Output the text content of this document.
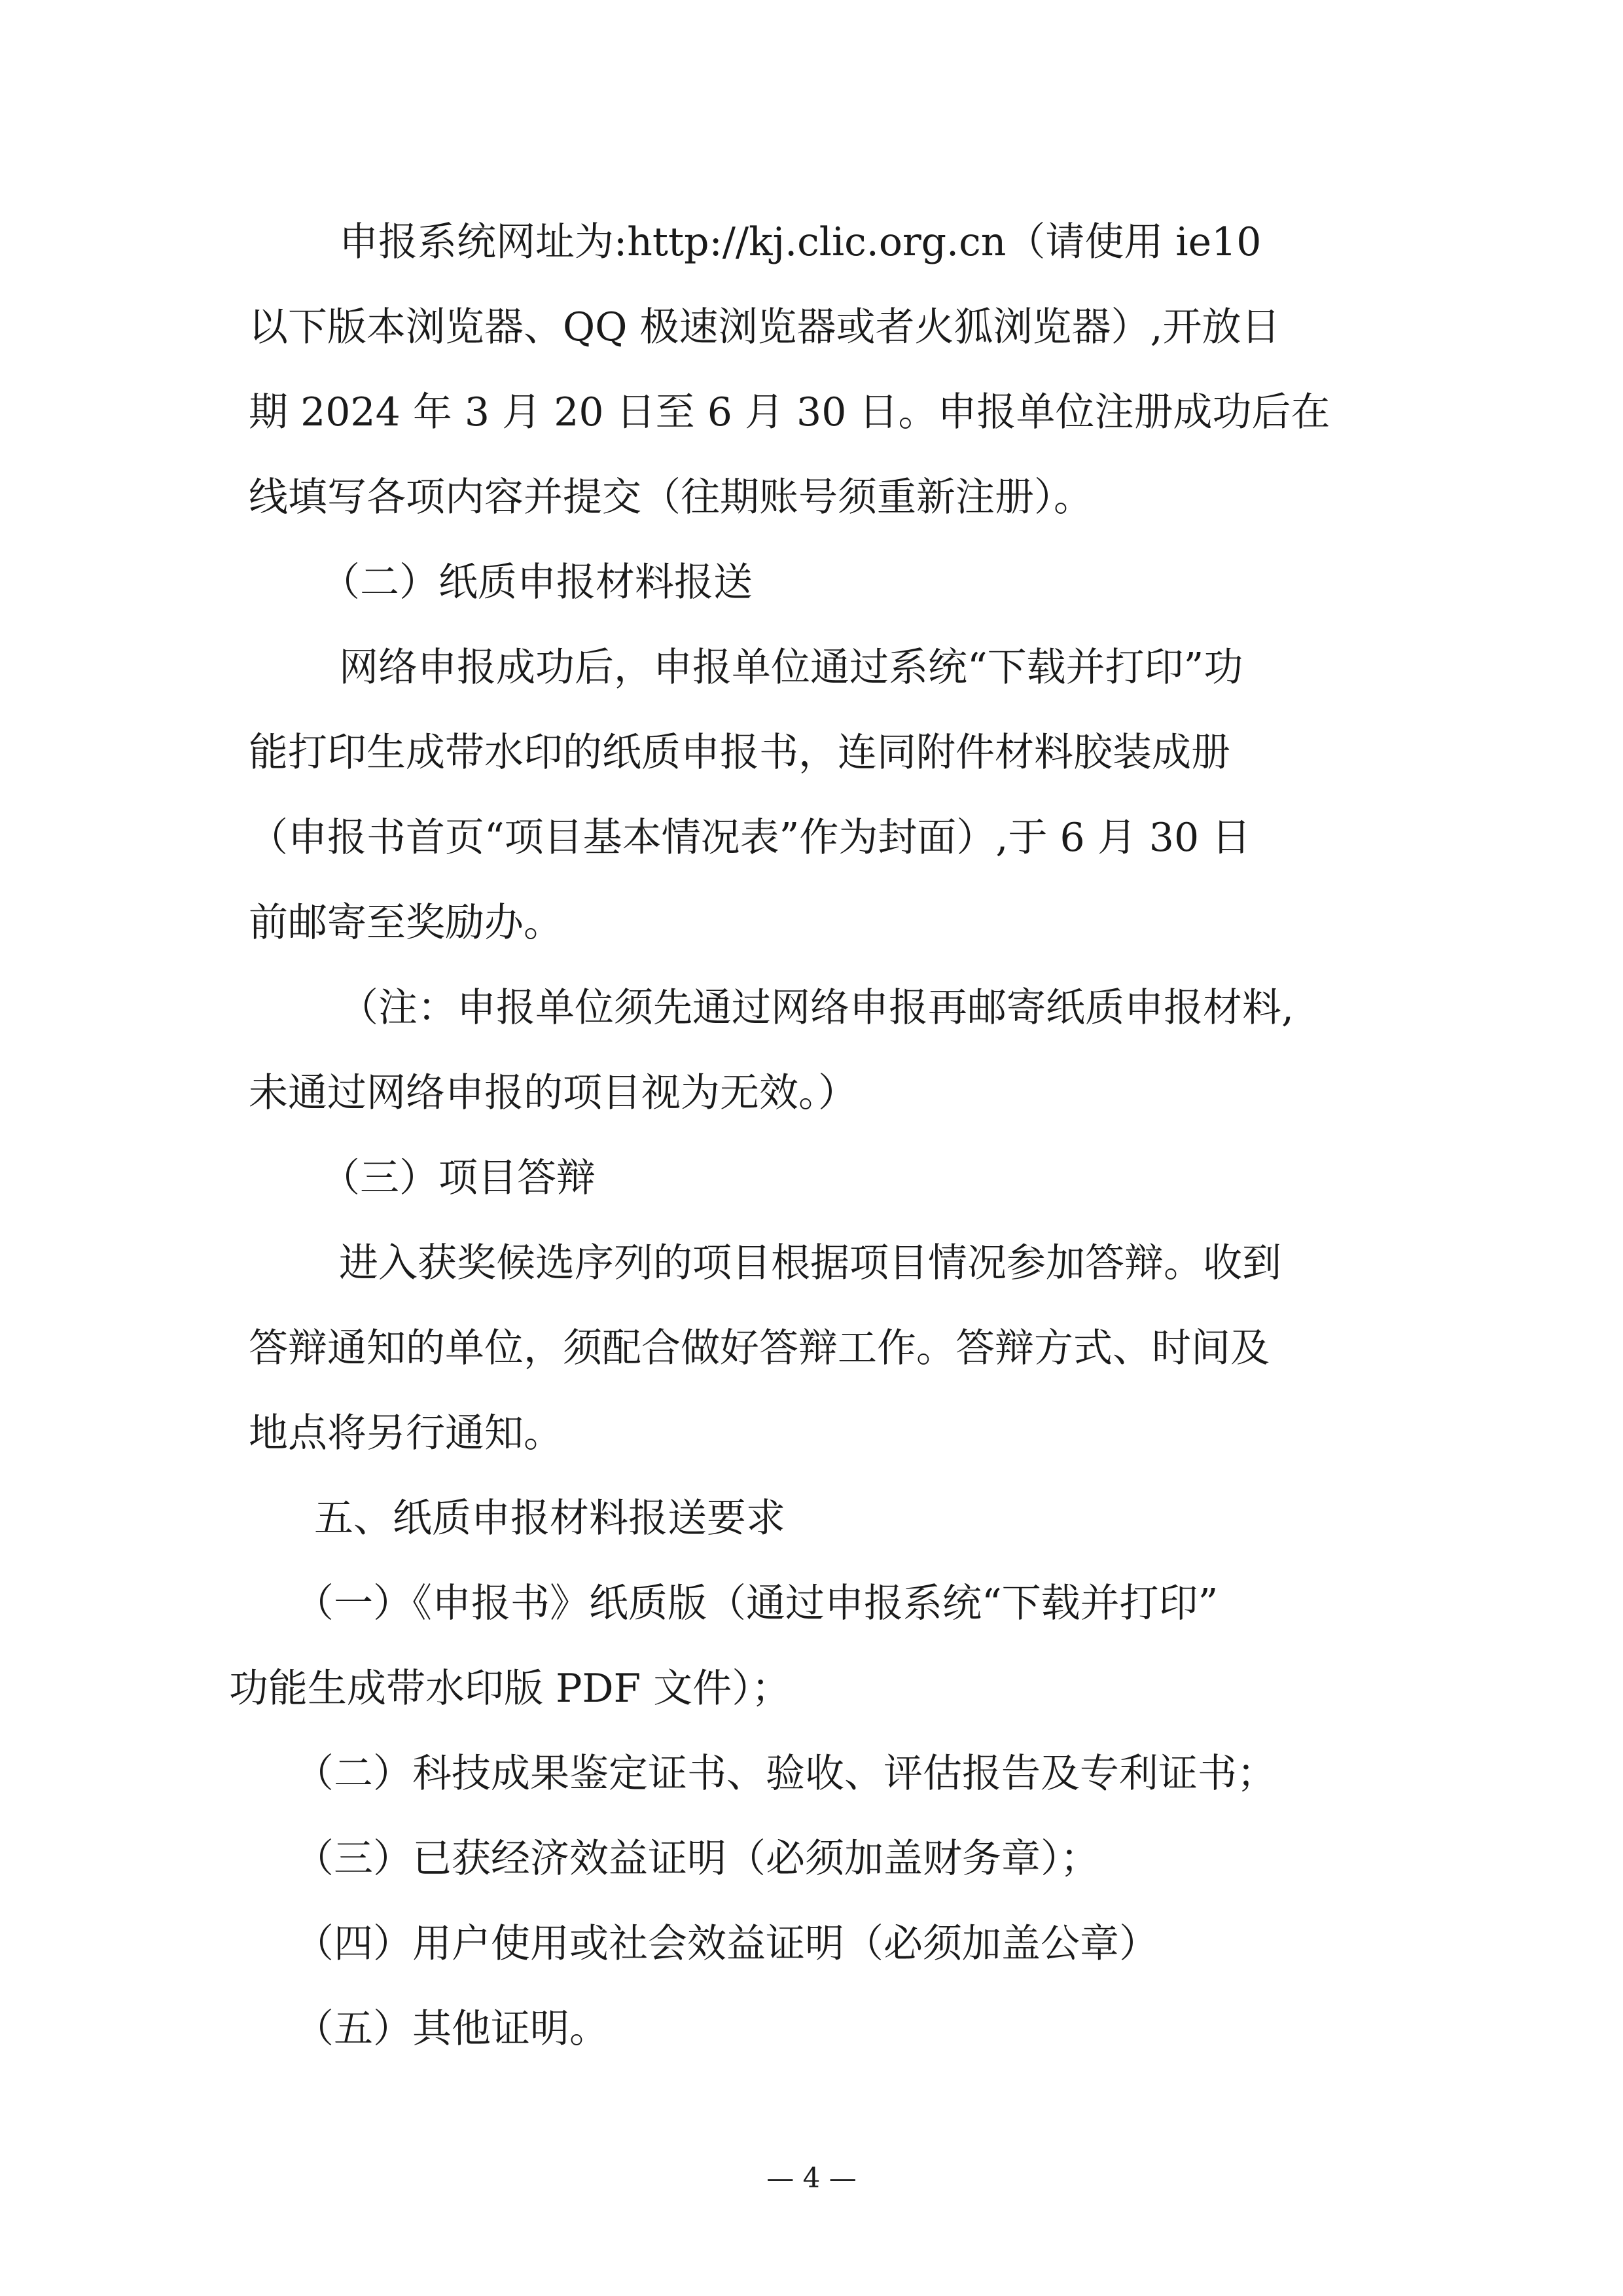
申报系统网址为:http://kj.clic.org.cn（请使用 ie10

以下版本浏览器、QQ 极速浏览器或者火狐浏览器）,开放日

期 2024 年 3 月 20 日至 6 月 30 日。申报单位注册成功后在

线填写各项内容并提交（往期账号须重新注册）。

（二）纸质申报材料报送

网络申报成功后，申报单位通过系统“下载并打印”功

能打印生成带水印的纸质申报书，连同附件材料胶装成册

（申报书首页“项目基本情况表”作为封面）,于 6 月 30 日

前邮寄至奖励办。

（注：申报单位须先通过网络申报再邮寄纸质申报材料,

未通过网络申报的项目视为无效。）

（三）项目答辩

进入获奖候选序列的项目根据项目情况参加答辩。收到

答辩通知的单位，须配合做好答辩工作。答辩方式、时间及

地点将另行通知。

五、纸质申报材料报送要求

（一）《申报书》纸质版（通过申报系统“下载并打印”

功能生成带水印版 PDF 文件）；

（二）科技成果鉴定证书、验收、评估报告及专利证书；

（三）已获经济效益证明（必须加盖财务章）；

（四）用户使用或社会效益证明（必须加盖公章）

（五）其他证明。

— 4 —
